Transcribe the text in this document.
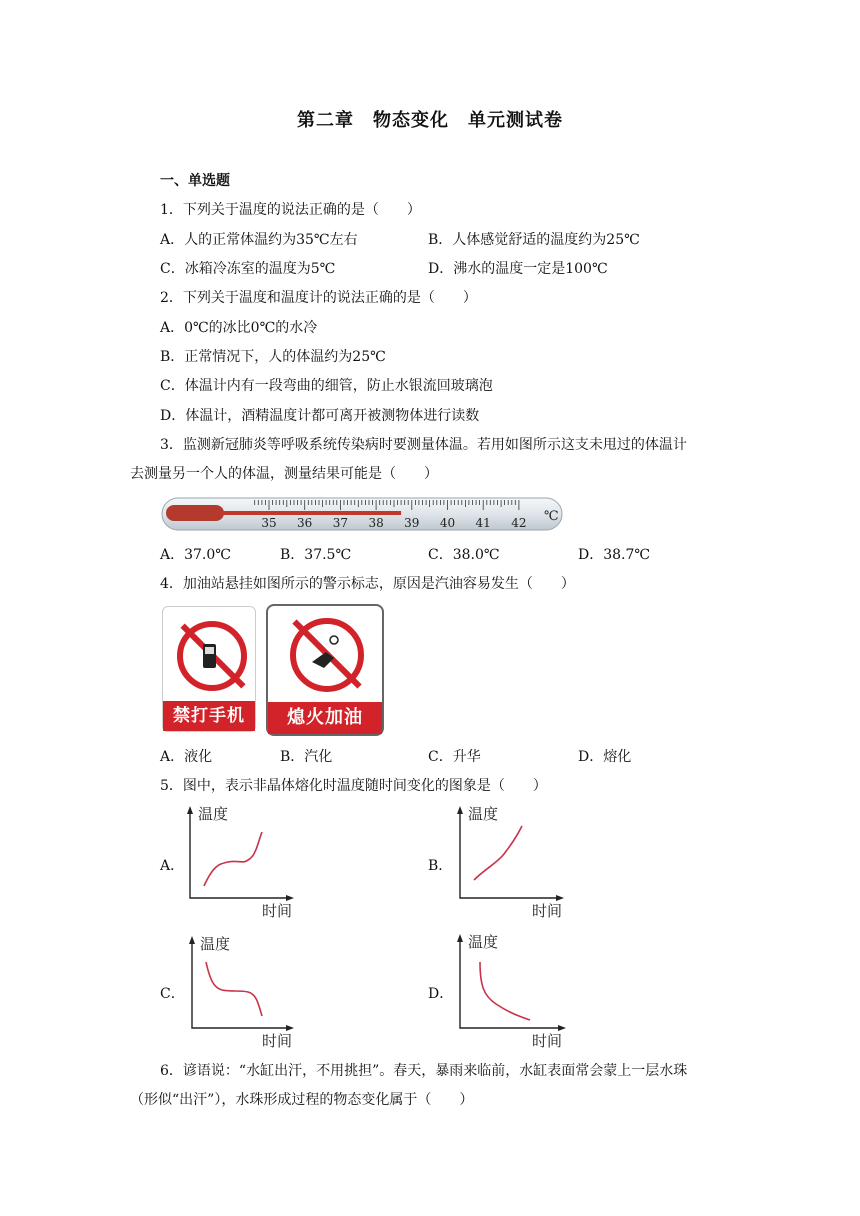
第二章　物态变化　单元测试卷
一、单选题
1．下列关于温度的说法正确的是（　　）
A．人的正常体温约为35℃左右	B．人体感觉舒适的温度约为25℃
C．冰箱冷冻室的温度为5℃	D．沸水的温度一定是100℃
2．下列关于温度和温度计的说法正确的是（　　）
A．0℃的冰比0℃的水冷
B．正常情况下，人的体温约为25℃
C．体温计内有一段弯曲的细管，防止水银流回玻璃泡
D．体温计，酒精温度计都可离开被测物体进行读数
3．监测新冠肺炎等呼吸系统传染病时要测量体温。若用如图所示这支未甩过的体温计
去测量另一个人的体温，测量结果可能是（　　）
35 36 37 38 39 40 41 42 ℃
A．37.0℃	B．37.5℃	C．38.0℃	D．38.7℃
4．加油站悬挂如图所示的警示标志，原因是汽油容易发生（　　）
禁打手机	熄火加油
A．液化	B．汽化	C．升华	D．熔化
5．图中，表示非晶体熔化时温度随时间变化的图象是（　　）
A．	B．
C．	D．
温度
时间
温度
时间
温度
时间
温度
时间
6．谚语说：“水缸出汗，不用挑担”。春天，暴雨来临前，水缸表面常会蒙上一层水珠
（形似“出汗”），水珠形成过程的物态变化属于（　　）
